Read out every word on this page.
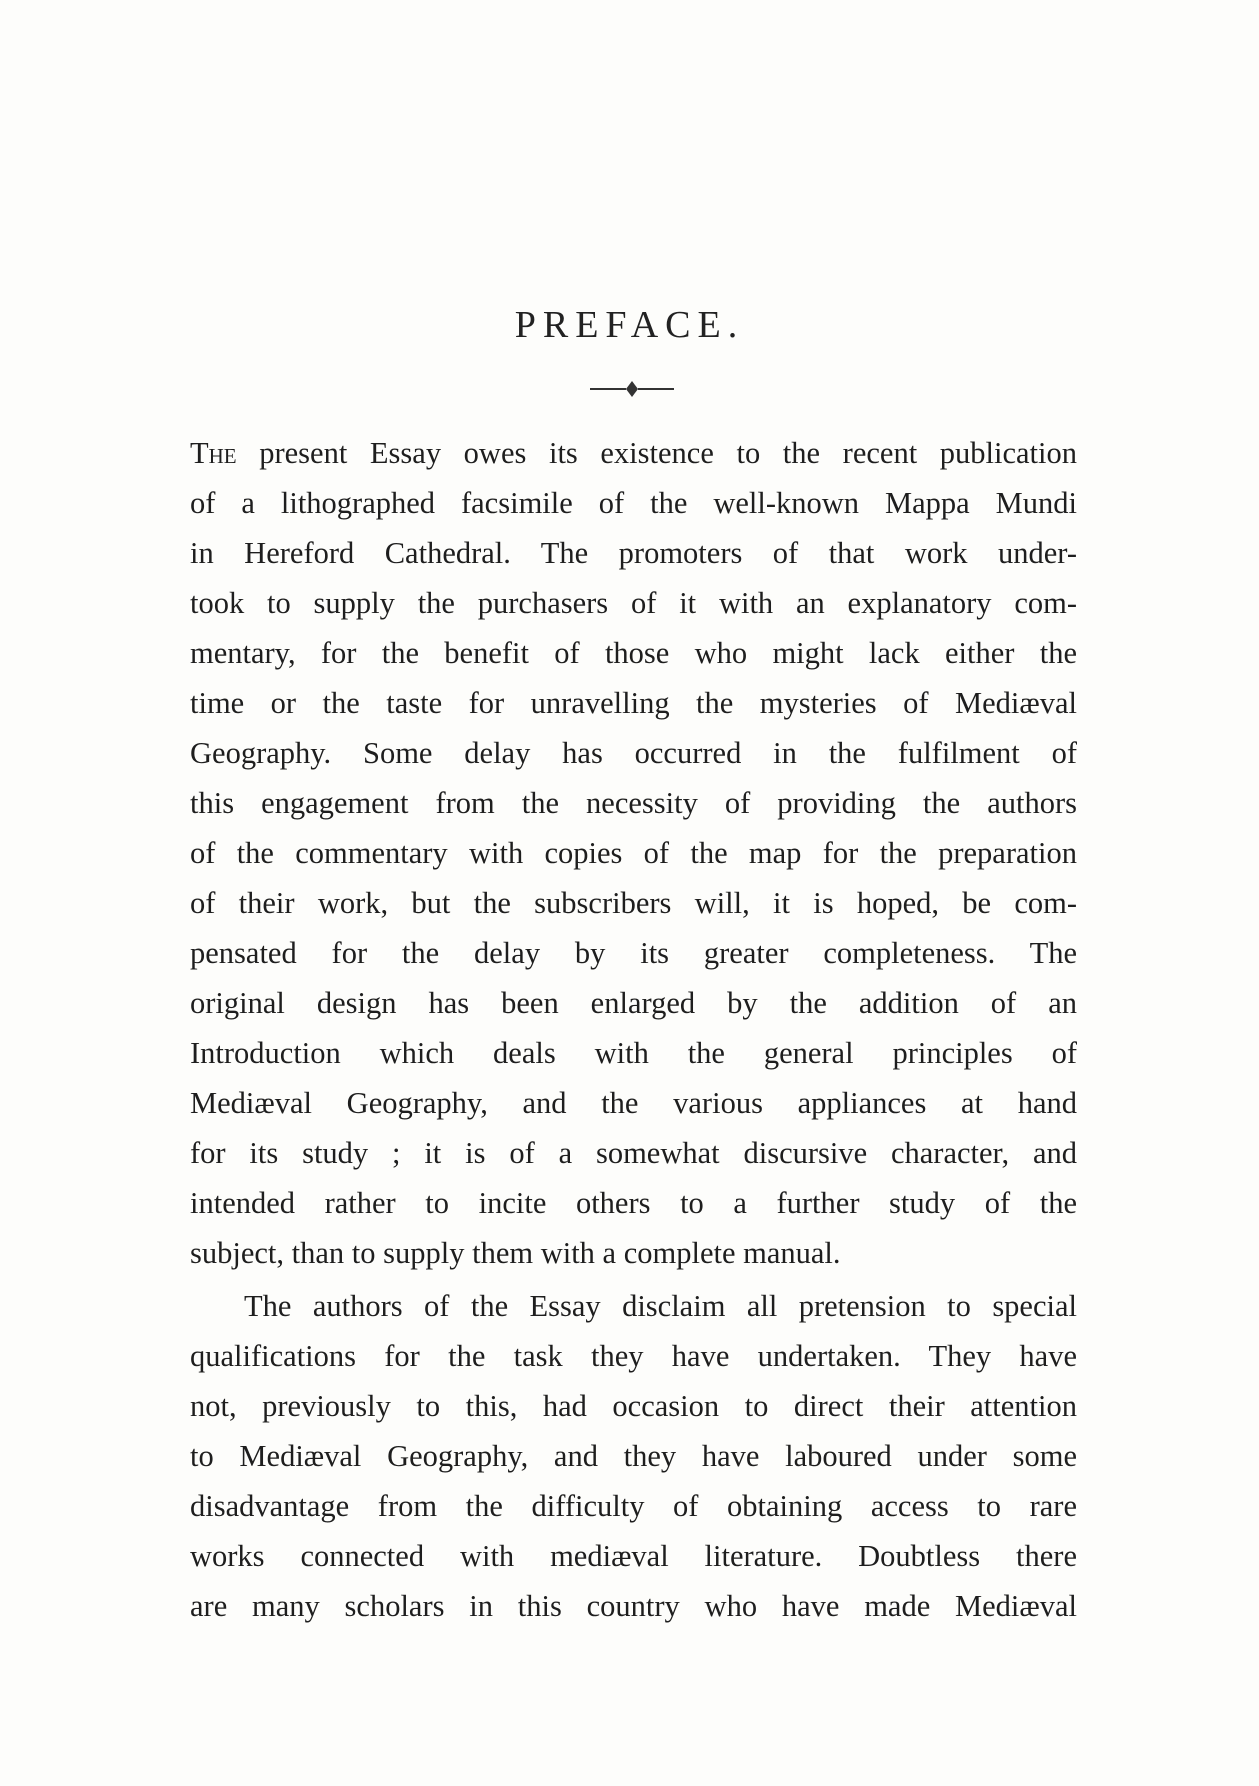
PREFACE.
The present Essay owes its existence to the recent publication
of a lithographed facsimile of the well-known Mappa Mundi
in Hereford Cathedral. The promoters of that work under-
took to supply the purchasers of it with an explanatory com-
mentary, for the benefit of those who might lack either the
time or the taste for unravelling the mysteries of Mediæval
Geography. Some delay has occurred in the fulfilment of
this engagement from the necessity of providing the authors
of the commentary with copies of the map for the preparation
of their work, but the subscribers will, it is hoped, be com-
pensated for the delay by its greater completeness. The
original design has been enlarged by the addition of an
Introduction which deals with the general principles of
Mediæval Geography, and the various appliances at hand
for its study ; it is of a somewhat discursive character, and
intended rather to incite others to a further study of the
subject, than to supply them with a complete manual.
The authors of the Essay disclaim all pretension to special
qualifications for the task they have undertaken. They have
not, previously to this, had occasion to direct their attention
to Mediæval Geography, and they have laboured under some
disadvantage from the difficulty of obtaining access to rare
works connected with mediæval literature. Doubtless there
are many scholars in this country who have made Mediæval
